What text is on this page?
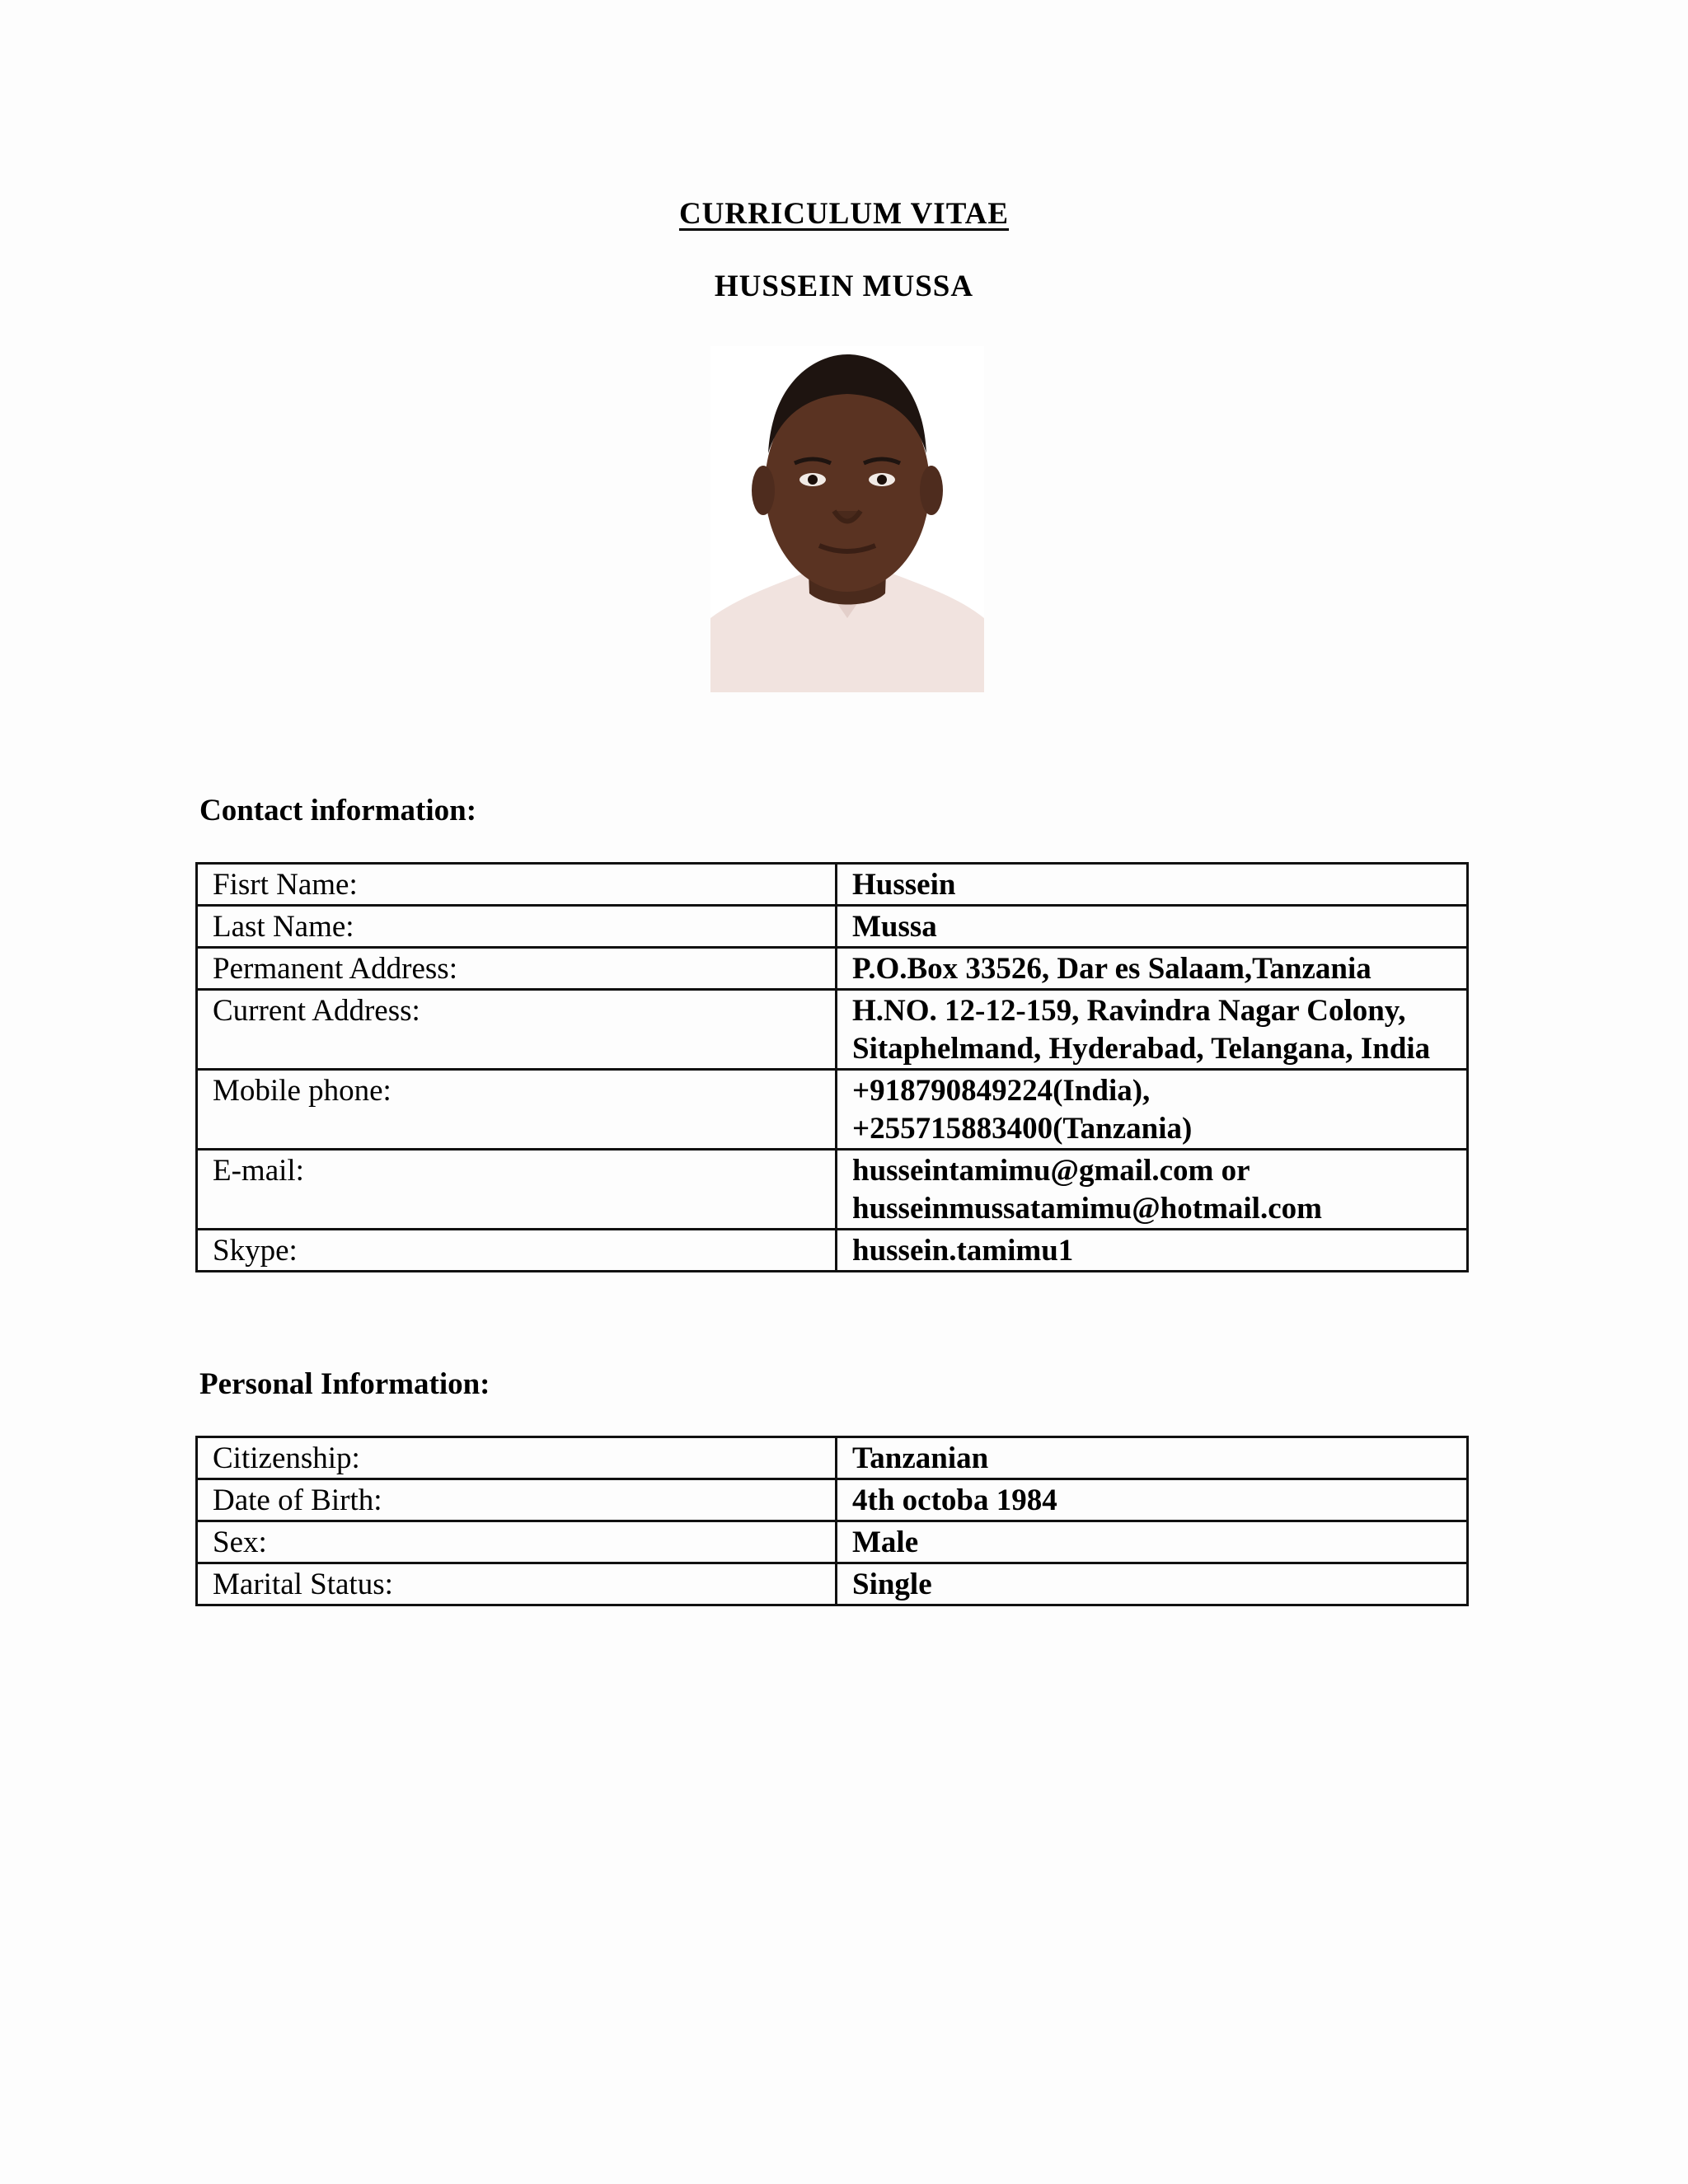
CURRICULUM VITAE
HUSSEIN MUSSA
Contact information:
Fisrt Name:	Hussein
Last Name:	Mussa
Permanent Address:	P.O.Box 33526, Dar es Salaam,Tanzania
Current Address:	H.NO. 12-12-159, Ravindra Nagar Colony, Sitaphelmand, Hyderabad, Telangana, India
Mobile phone:	+918790849224(India), +255715883400(Tanzania)
E-mail:	husseintamimu@gmail.com or husseinmussatamimu@hotmail.com
Skype:	hussein.tamimu1
Personal Information:
Citizenship:	Tanzanian
Date of Birth:	4th octoba 1984
Sex:	Male
Marital Status:	Single
